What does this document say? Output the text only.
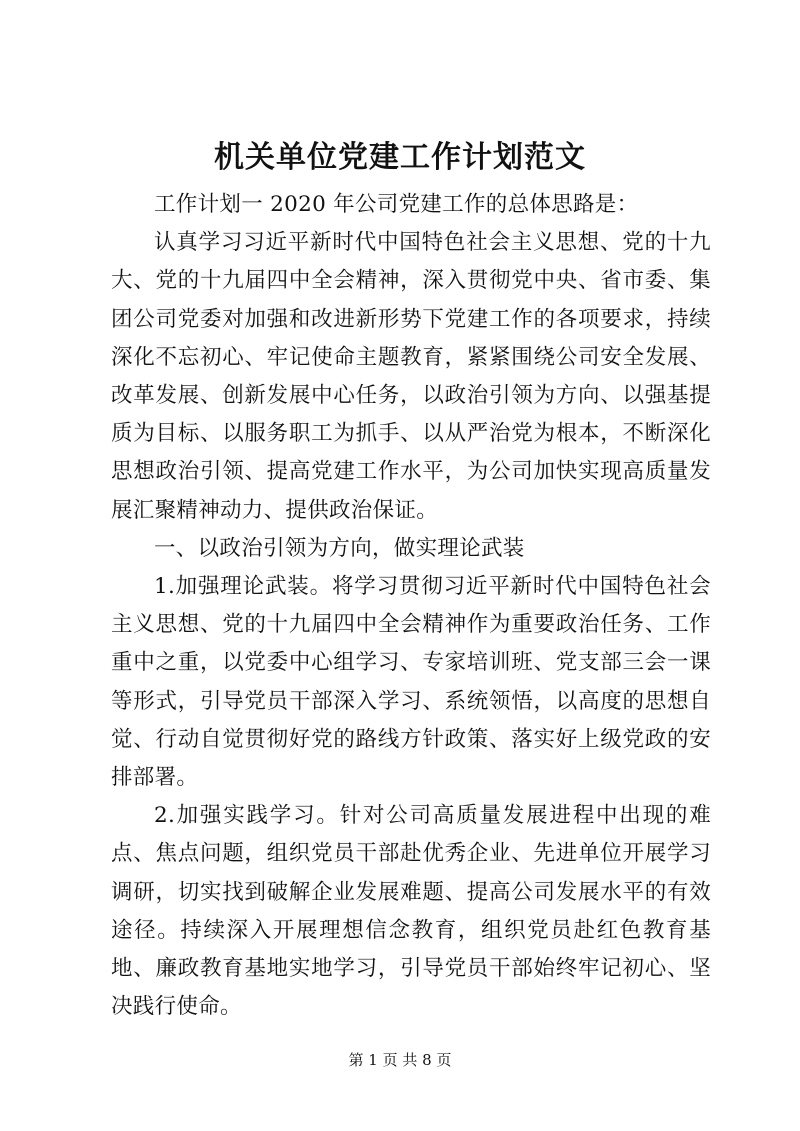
机关单位党建工作计划范文

工作计划一 2020 年公司党建工作的总体思路是：

认真学习习近平新时代中国特色社会主义思想、党的十九大、党的十九届四中全会精神，深入贯彻党中央、省市委、集团公司党委对加强和改进新形势下党建工作的各项要求，持续深化不忘初心、牢记使命主题教育，紧紧围绕公司安全发展、改革发展、创新发展中心任务，以政治引领为方向、以强基提质为目标、以服务职工为抓手、以从严治党为根本，不断深化思想政治引领、提高党建工作水平，为公司加快实现高质量发展汇聚精神动力、提供政治保证。

一、以政治引领为方向，做实理论武装

1.加强理论武装。将学习贯彻习近平新时代中国特色社会主义思想、党的十九届四中全会精神作为重要政治任务、工作重中之重，以党委中心组学习、专家培训班、党支部三会一课等形式，引导党员干部深入学习、系统领悟，以高度的思想自觉、行动自觉贯彻好党的路线方针政策、落实好上级党政的安排部署。

2.加强实践学习。针对公司高质量发展进程中出现的难点、焦点问题，组织党员干部赴优秀企业、先进单位开展学习调研，切实找到破解企业发展难题、提高公司发展水平的有效途径。持续深入开展理想信念教育，组织党员赴红色教育基地、廉政教育基地实地学习，引导党员干部始终牢记初心、坚决践行使命。

第 1 页 共 8 页
